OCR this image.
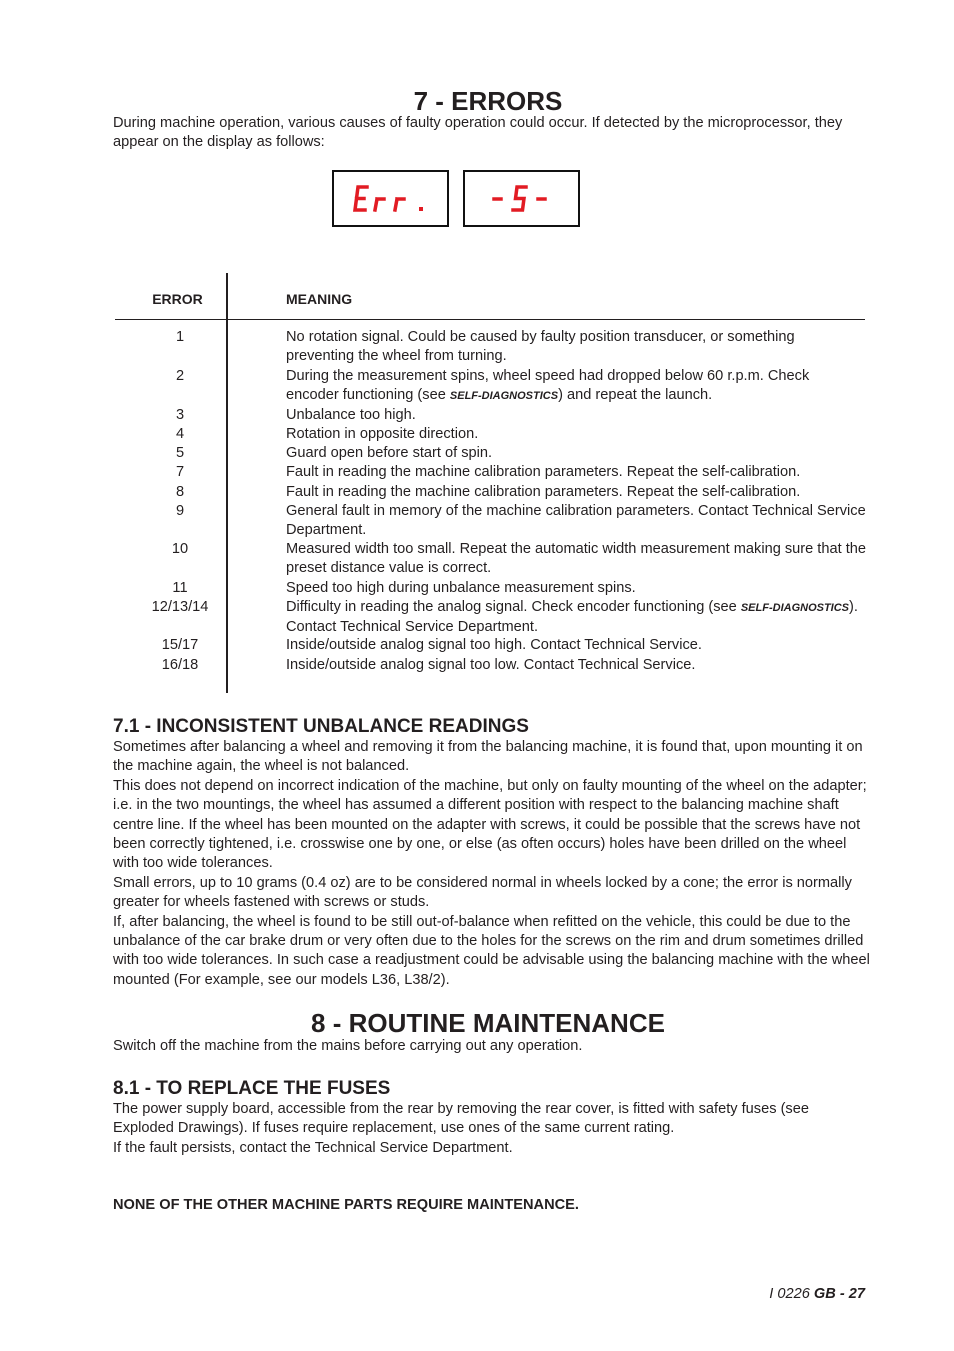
7 - ERRORS
During machine operation, various causes of faulty operation could occur. If detected by the microprocessor, they appear on the display as follows:
ERROR	MEANING
1	No rotation signal. Could be caused by faulty position transducer, or something preventing the wheel from turning.
2	During the measurement spins, wheel speed had dropped below 60 r.p.m. Check encoder functioning (see SELF-DIAGNOSTICS) and repeat the launch.
3	Unbalance too high.
4	Rotation in opposite direction.
5	Guard open before start of spin.
7	Fault in reading the machine calibration parameters. Repeat the self-calibration.
8	Fault in reading the machine calibration parameters. Repeat the self-calibration.
9	General fault in memory of the machine calibration parameters. Contact Technical Service Department.
10	Measured width too small. Repeat the automatic width measurement making sure that the preset distance value is correct.
11	Speed too high during unbalance measurement spins.
12/13/14	Difficulty in reading the analog signal. Check encoder functioning (see SELF-DIAGNOSTICS). Contact Technical Service Department.
15/17	Inside/outside analog signal too high. Contact Technical Service.
16/18	Inside/outside analog signal too low. Contact Technical Service.
7.1 - INCONSISTENT UNBALANCE READINGS

Sometimes after balancing a wheel and removing it from the balancing machine, it is found that, upon mounting it on the machine again, the wheel is not balanced.

This does not depend on incorrect indication of the machine, but only on faulty mounting of the wheel on the adapter; i.e. in the two mountings, the wheel has assumed a different position with respect to the balancing machine shaft centre line. If the wheel has been mounted on the adapter with screws, it could be possible that the screws have not been correctly tightened, i.e. crosswise one by one, or else (as often occurs) holes have been drilled on the wheel with too wide tolerances.

Small errors, up to 10 grams (0.4 oz) are to be considered normal in wheels locked by a cone; the error is normally greater for wheels fastened with screws or studs.

If, after balancing, the wheel is found to be still out-of-balance when refitted on the vehicle, this could be due to the unbalance of the car brake drum or very often due to the holes for the screws on the rim and drum sometimes drilled with too wide tolerances. In such case a readjustment could be advisable using the balancing machine with the wheel mounted (For example, see our models L36, L38/2).

8 - ROUTINE MAINTENANCE
Switch off the machine from the mains before carrying out any operation.
8.1 - TO REPLACE THE FUSES

The power supply board, accessible from the rear by removing the rear cover, is fitted with safety fuses (see Exploded Drawings). If fuses require replacement, use ones of the same current rating.

If the fault persists, contact the Technical Service Department.

NONE OF THE OTHER MACHINE PARTS REQUIRE MAINTENANCE.
I 0226 GB - 27
